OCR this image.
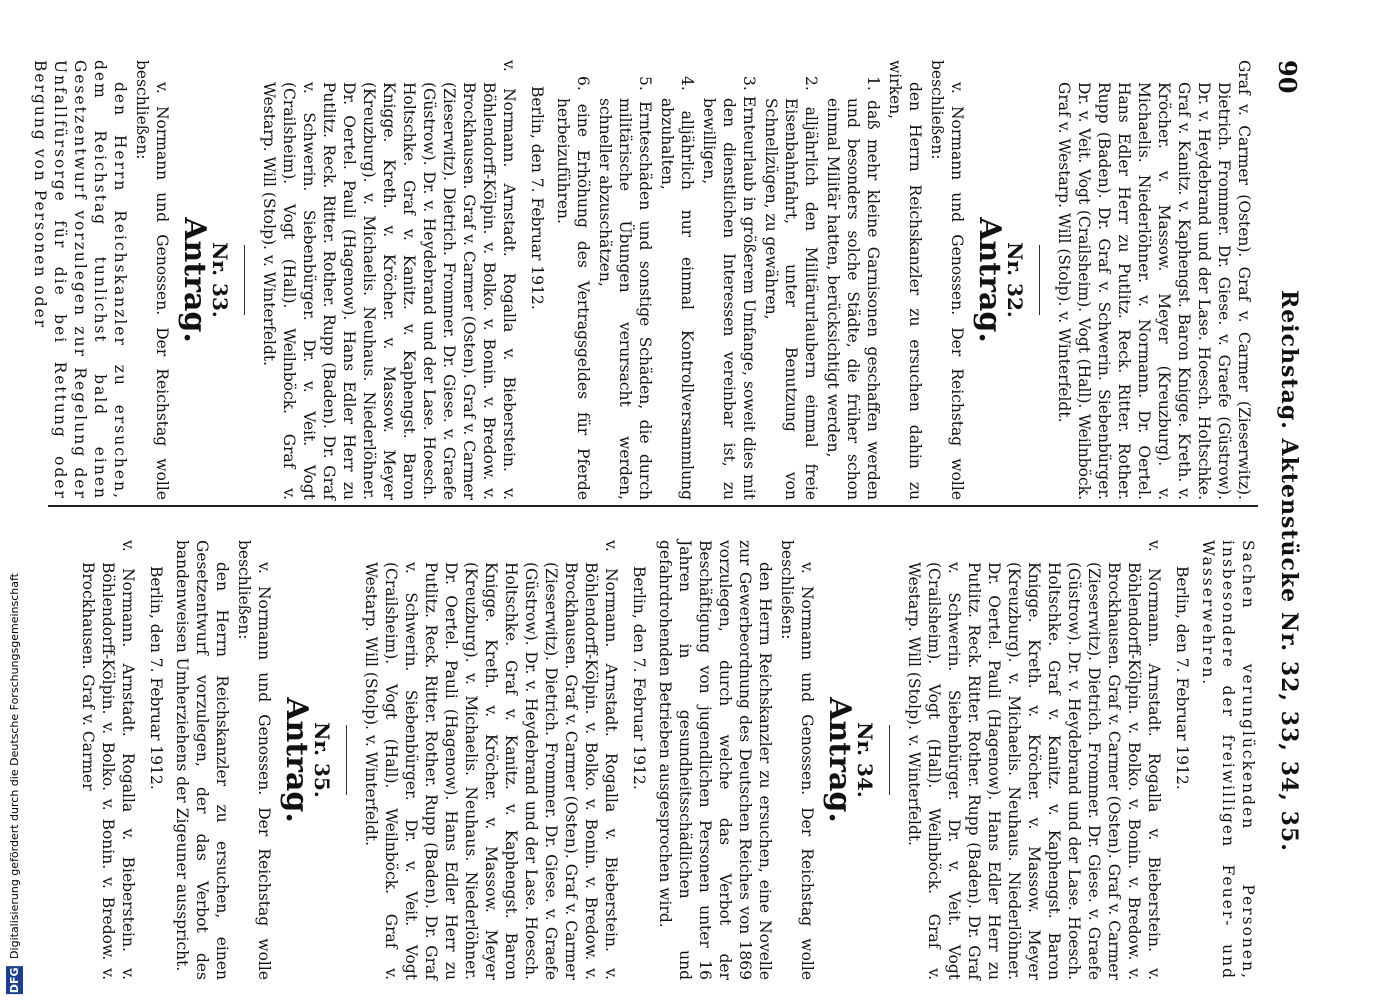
90
Reichstag. Aktenstücke Nr. 32, 33, 34, 35.

Graf v. Carmer (Osten). Graf v. Carmer (Zieserwitz). Dietrich. Frommer. Dr. Giese. v. Graefe (Güstrow). Dr. v. Heydebrand und der Lase. Hoesch. Holtschke. Graf v. Kanitz. v. Kaphengst. Baron Knigge. Kreth. v. Kröcher. v. Massow. Meyer (Kreuzburg). v. Michaelis. Niederlöhner. v. Normann. Dr. Oertel. Hans Edler Herr zu Putlitz. Reck. Ritter. Rother. Rupp (Baden). Dr. Graf v. Schwerin. Siebenbürger. Dr. v. Veit. Vogt (Crailsheim). Vogt (Hall). Weilnböck. Graf v. Westarp. Will (Stolp). v. Winterfeldt.

Nr. 32.
Antrag.

v. Normann und Genossen. Der Reichstag wolle beschließen:

den Herrn Reichskanzler zu ersuchen dahin zu wirken,

1. daß mehr kleine Garnisonen geschaffen werden und besonders solche Städte, die früher schon einmal Militär hatten, berücksichtigt werden,

2. alljährlich den Militärurlaubern einmal freie Eisenbahnfahrt, unter Benutzung von Schnellzügen, zu gewähren,

3. Ernteurlaub in größerem Umfange, soweit dies mit den dienstlichen Interessen vereinbar ist, zu bewilligen,

4. alljährlich nur einmal Kontrollversammlung abzuhalten,

5. Ernteschäden und sonstige Schäden, die durch militärische Übungen verursacht werden, schneller abzuschätzen,

6. eine Erhöhung des Vertragsgeldes für Pferde herbeizuführen.

Berlin, den 7. Februar 1912.

v. Normann. Arnstadt. Rogalla v. Bieberstein. v. Böhlendorff-Kölpin. v. Bolko. v. Bonin. v. Bredow. v. Brockhausen. Graf v. Carmer (Osten). Graf v. Carmer (Zieserwitz). Dietrich. Frommer. Dr. Giese. v. Graefe (Güstrow). Dr. v. Heydebrand und der Lase. Hoesch. Holtschke. Graf v. Kanitz. v. Kaphengst. Baron Knigge. Kreth. v. Kröcher. v. Massow. Meyer (Kreuzburg). v. Michaelis. Neuhaus. Niederlöhner. Dr. Oertel. Pauli (Hagenow). Hans Edler Herr zu Putlitz. Reck. Ritter. Rother. Rupp (Baden). Dr. Graf v. Schwerin. Siebenbürger. Dr. v. Veit. Vogt (Crailsheim). Vogt (Hall). Weilnböck. Graf v. Westarp. Will (Stolp). v. Winterfeldt.

Nr. 33.
Antrag.

v. Normann und Genossen. Der Reichstag wolle beschließen:

den Herrn Reichskanzler zu ersuchen, dem Reichstag tunlichst bald einen Gesetzentwurf vorzulegen zur Regelung der Unfallfürsorge für die bei Rettung oder Bergung von Personen oder

Sachen verunglückenden Personen, insbesondere der freiwilligen Feuer- und Wasserwehren.

Berlin, den 7. Februar 1912.

v. Normann. Arnstadt. Rogalla v. Bieberstein. v. Böhlendorff-Kölpin. v. Bolko. v. Bonin. v. Bredow. v. Brockhausen. Graf v. Carmer (Osten). Graf v. Carmer (Zieserwitz). Dietrich. Frommer. Dr. Giese. v. Graefe (Güstrow). Dr. v. Heydebrand und der Lase. Hoesch. Holtschke. Graf v. Kanitz. v. Kaphengst. Baron Knigge. Kreth. v. Kröcher. v. Massow. Meyer (Kreuzburg). v. Michaelis. Neuhaus. Niederlöhner. Dr. Oertel. Pauli (Hagenow). Hans Edler Herr zu Putlitz. Reck. Ritter. Rother. Rupp (Baden). Dr. Graf v. Schwerin. Siebenbürger. Dr. v. Veit. Vogt (Crailsheim). Vogt (Hall). Weilnböck. Graf v. Westarp. Will (Stolp). v. Winterfeldt.

Nr. 34.
Antrag.

v. Normann und Genossen. Der Reichstag wolle beschließen:

den Herrn Reichskanzler zu ersuchen, eine Novelle zur Gewerbeordnung des Deutschen Reiches von 1869 vorzulegen, durch welche das Verbot der Beschäftigung von jugendlichen Personen unter 16 Jahren in gesundheitsschädlichen und gefahrdrohenden Betrieben ausgesprochen wird.

Berlin, den 7. Februar 1912.

v. Normann. Arnstadt. Rogalla v. Bieberstein. v. Böhlendorff-Kölpin. v. Bolko. v. Bonin. v. Bredow. v. Brockhausen. Graf v. Carmer (Osten). Graf v. Carmer (Zieserwitz). Dietrich. Frommer. Dr. Giese. v. Graefe (Güstrow). Dr. v. Heydebrand und der Lase. Hoesch. Holtschke. Graf v. Kanitz. v. Kaphengst. Baron Knigge. Kreth. v. Kröcher. v. Massow. Meyer (Kreuzburg). v. Michaelis. Neuhaus. Niederlöhner. Dr. Oertel. Pauli (Hagenow). Hans Edler Herr zu Putlitz. Reck. Ritter. Rother. Rupp (Baden). Dr. Graf v. Schwerin. Siebenbürger. Dr. v. Veit. Vogt (Crailsheim). Vogt (Hall). Weilnböck. Graf v. Westarp. Will (Stolp). v. Winterfeldt.

Nr. 35.
Antrag.

v. Normann und Genossen. Der Reichstag wolle beschließen:

den Herrn Reichskanzler zu ersuchen, einen Gesetzentwurf vorzulegen, der das Verbot des bandenweisen Umherziehens der Zigeuner ausspricht.

Berlin, den 7. Februar 1912.

v. Normann. Arnstadt. Rogalla v. Bieberstein. v. Böhlendorff-Kölpin. v. Bolko. v. Bonin. v. Bredow. v. Brockhausen. Graf v. Carmer

DFG Digitalisierung gefördert durch die Deutsche Forschungsgemeinschaft
